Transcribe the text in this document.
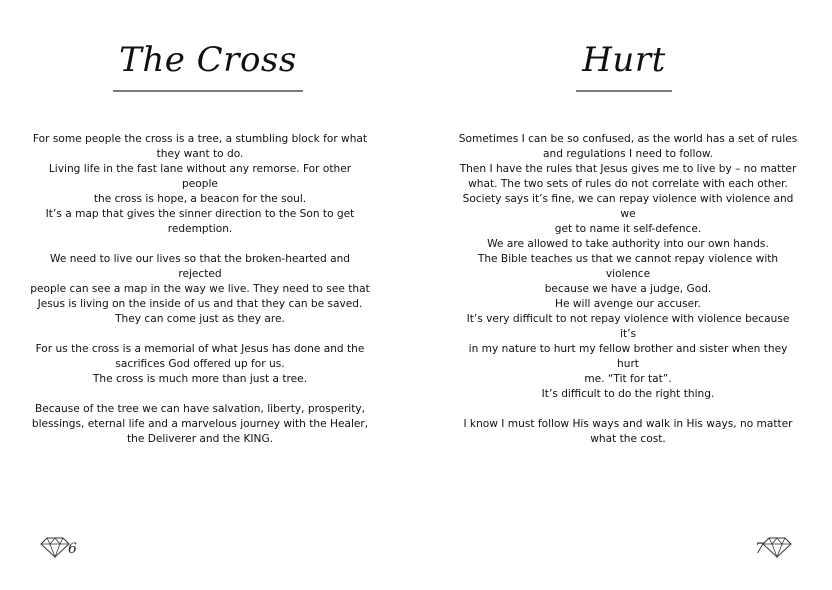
The Cross

For some people the cross is a tree, a stumbling block for what
they want to do.
Living life in the fast lane without any remorse. For other people
the cross is hope, a beacon for the soul.
It’s a map that gives the sinner direction to the Son to get
redemption.

We need to live our lives so that the broken-hearted and rejected
people can see a map in the way we live. They need to see that
Jesus is living on the inside of us and that they can be saved.
They can come just as they are.

For us the cross is a memorial of what Jesus has done and the
sacrifices God offered up for us.
The cross is much more than just a tree.

Because of the tree we can have salvation, liberty, prosperity,
blessings, eternal life and a marvelous journey with the Healer,
the Deliverer and the KING.

6
Hurt

Sometimes I can be so confused, as the world has a set of rules
and regulations I need to follow.
Then I have the rules that Jesus gives me to live by – no matter
what. The two sets of rules do not correlate with each other.
Society says it’s fine, we can repay violence with violence and we
get to name it self-defence.
We are allowed to take authority into our own hands.
The Bible teaches us that we cannot repay violence with violence
because we have a judge, God.
He will avenge our accuser.
It’s very difficult to not repay violence with violence because it’s
in my nature to hurt my fellow brother and sister when they hurt
me. “Tit for tat”.
It’s difficult to do the right thing.

I know I must follow His ways and walk in His ways, no matter
what the cost.

7
